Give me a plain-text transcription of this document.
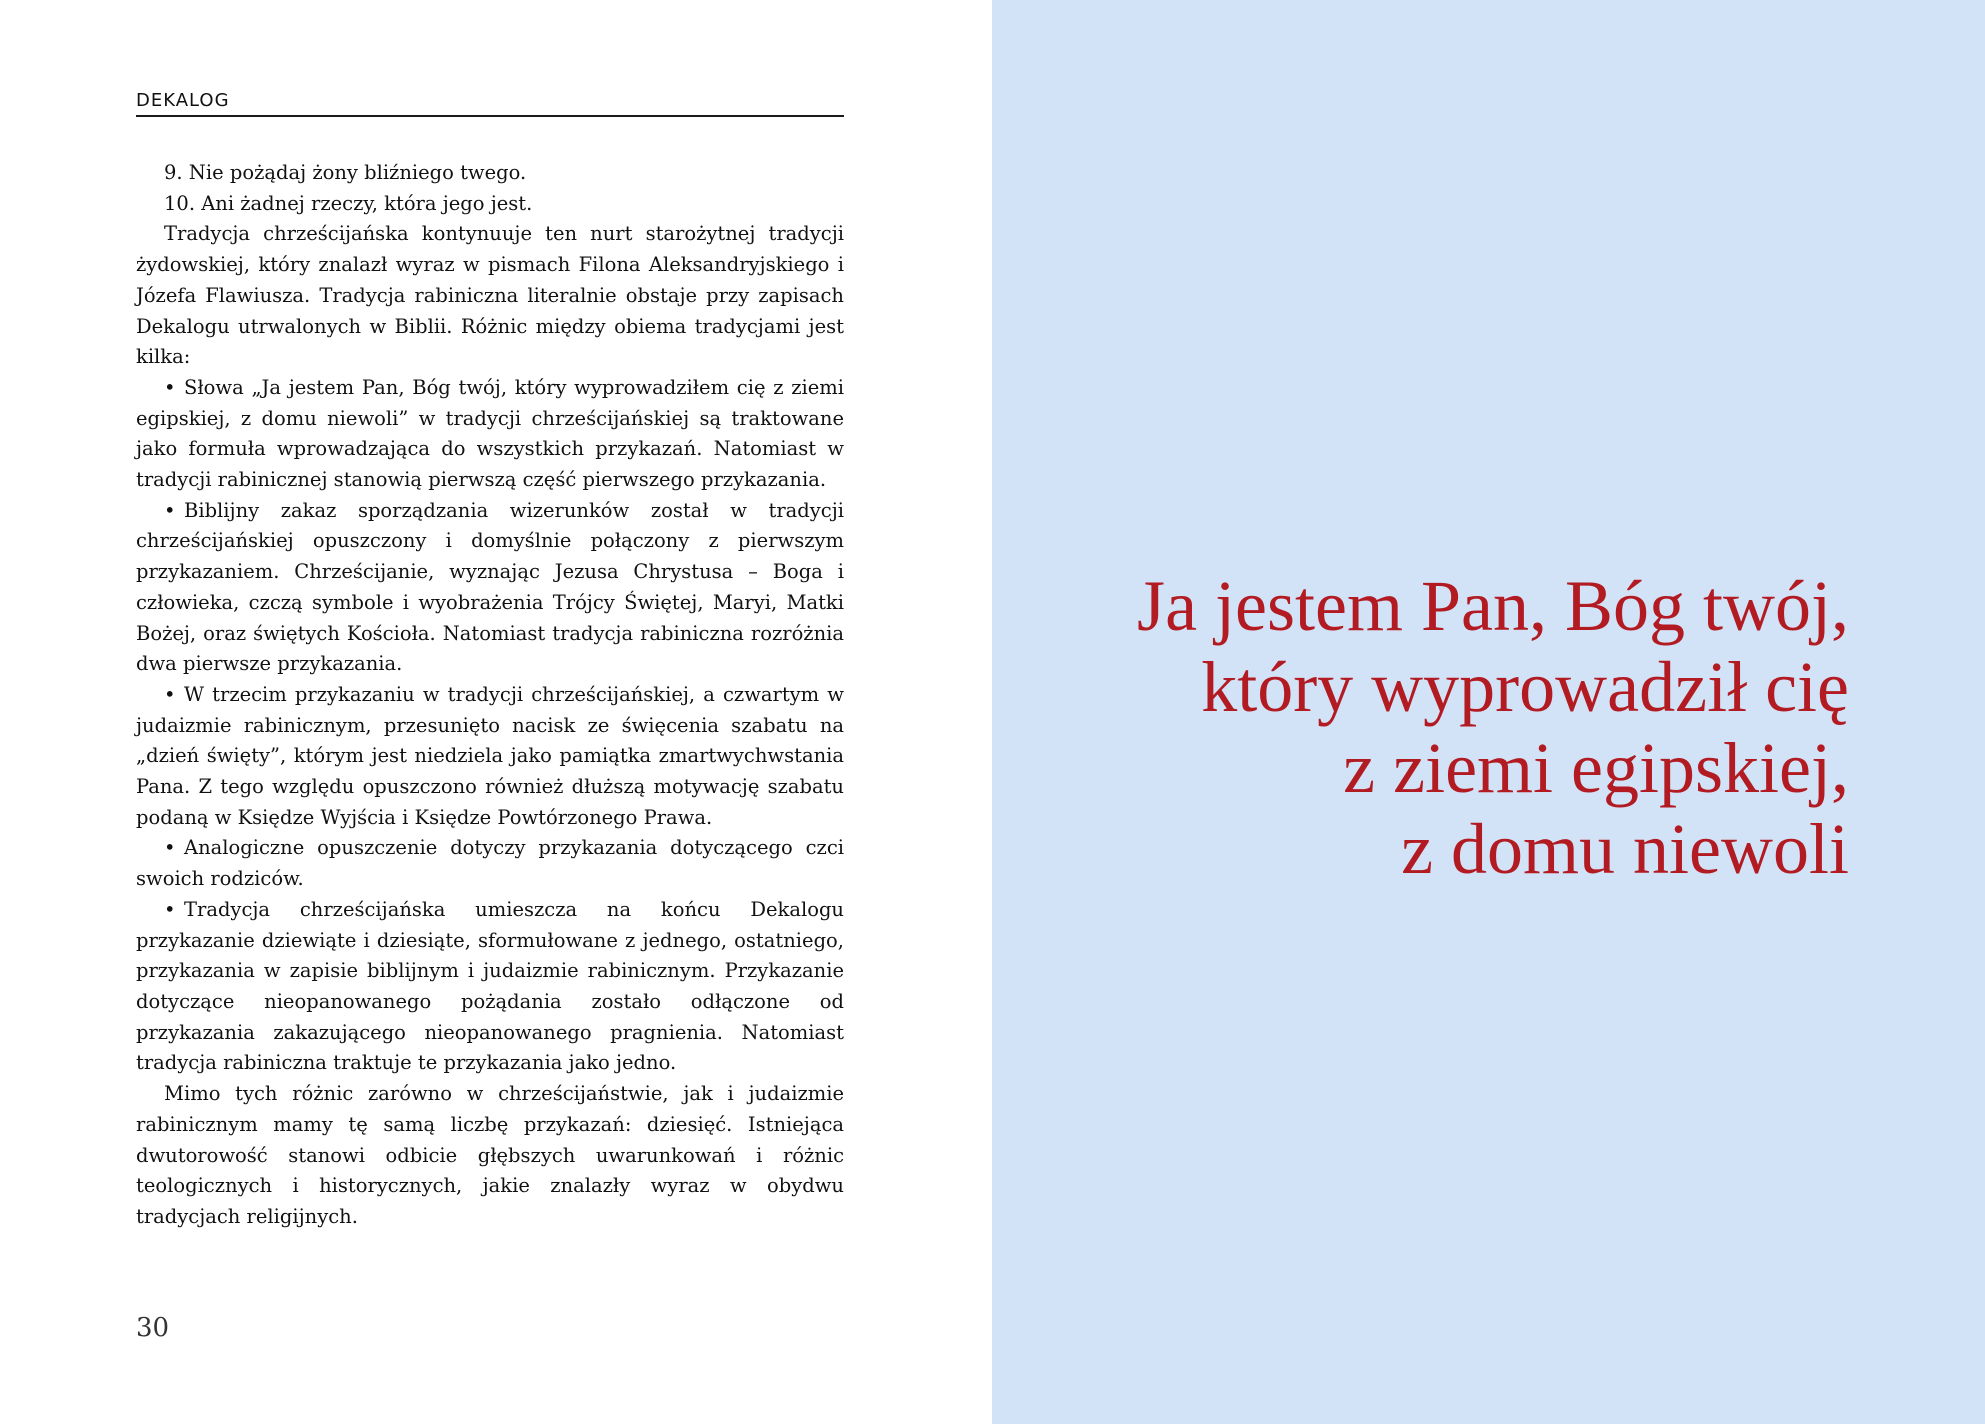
DEKALOG

9. Nie pożądaj żony bliźniego twego.

10. Ani żadnej rzeczy, która jego jest.

Tradycja chrześcijańska kontynuuje ten nurt starożytnej tradycji żydowskiej, który znalazł wyraz w pismach Filona Aleksandryjskiego i Józefa Flawiusza. Tradycja rabiniczna literalnie obstaje przy zapisach Dekalogu utrwalonych w Biblii. Różnic między obiema tradycjami jest kilka:

• Słowa „Ja jestem Pan, Bóg twój, który wyprowadziłem cię z ziemi egipskiej, z domu niewoli” w tradycji chrześcijańskiej są traktowane jako formuła wprowadzająca do wszystkich przykazań. Natomiast w tradycji rabinicznej stanowią pierwszą część pierwszego przykazania.

• Biblijny zakaz sporządzania wizerunków został w tradycji chrześcijańskiej opuszczony i domyślnie połączony z pierwszym przykazaniem. Chrześcijanie, wyznając Jezusa Chrystusa – Boga i człowieka, czczą symbole i wyobrażenia Trójcy Świętej, Maryi, Matki Bożej, oraz świętych Kościoła. Natomiast tradycja rabiniczna rozróżnia dwa pierwsze przykazania.

• W trzecim przykazaniu w tradycji chrześcijańskiej, a czwartym w judaizmie rabinicznym, przesunięto nacisk ze święcenia szabatu na „dzień święty”, którym jest niedziela jako pamiątka zmartwychwstania Pana. Z tego względu opuszczono również dłuższą motywację szabatu podaną w Księdze Wyjścia i Księdze Powtórzonego Prawa.

• Analogiczne opuszczenie dotyczy przykazania dotyczącego czci swoich rodziców.

• Tradycja chrześcijańska umieszcza na końcu Dekalogu przykazanie dziewiąte i dziesiąte, sformułowane z jednego, ostatniego, przykazania w zapisie biblijnym i judaizmie rabinicznym. Przykazanie dotyczące nieopanowanego pożądania zostało odłączone od przykazania zakazującego nieopanowanego pragnienia. Natomiast tradycja rabiniczna traktuje te przykazania jako jedno.

Mimo tych różnic zarówno w chrześcijaństwie, jak i judaizmie rabinicznym mamy tę samą liczbę przykazań: dziesięć. Istniejąca dwutorowość stanowi odbicie głębszych uwarunkowań i różnic teologicznych i historycznych, jakie znalazły wyraz w obydwu tradycjach religijnych.

30
Ja jestem Pan, Bóg twój,
który wyprowadził cię
z ziemi egipskiej,
z domu niewoli
